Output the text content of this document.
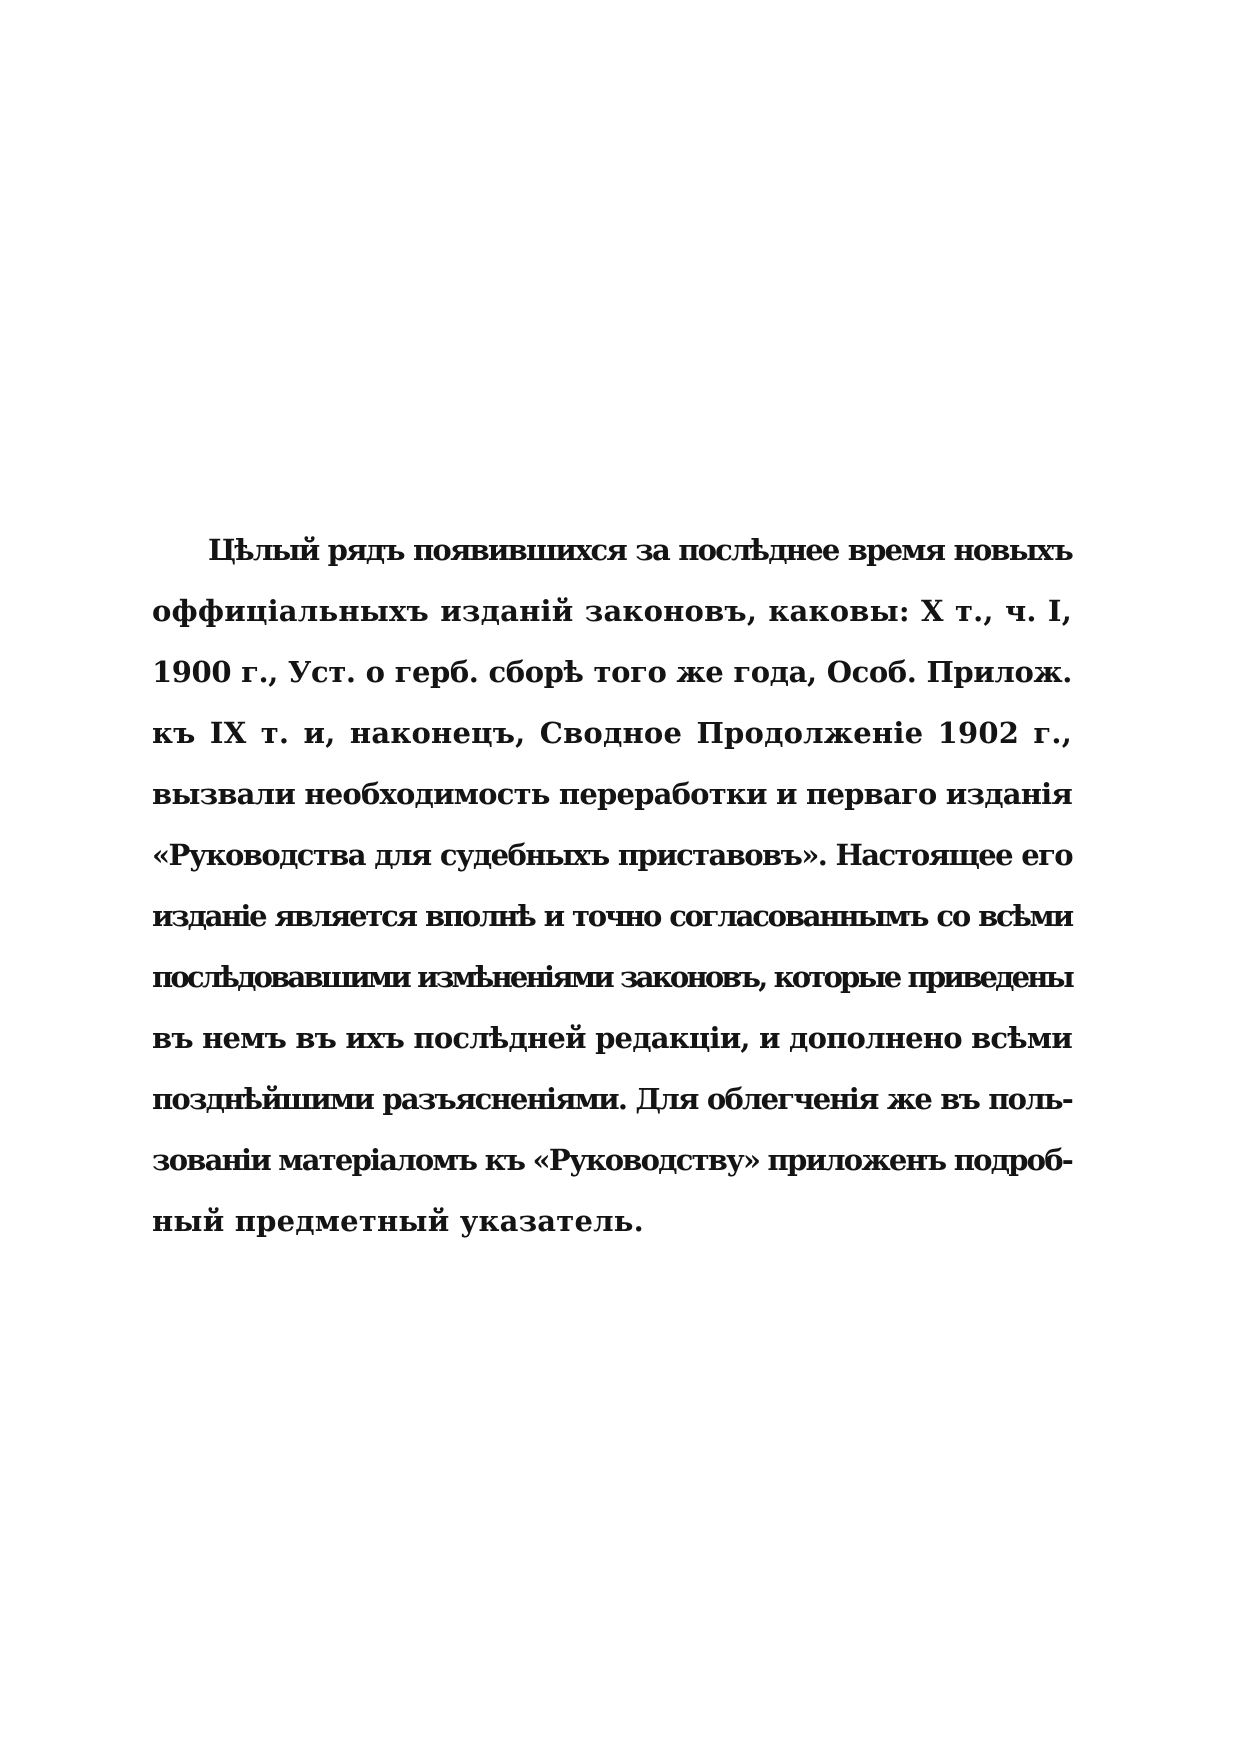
Цѣлый рядъ появившихся за послѣднее время новыхъ
оффиціальныхъ изданій законовъ, каковы: X т., ч. I,
1900 г., Уст. о герб. сборѣ того же года, Особ. Прилож.
къ IX т. и, наконецъ, Сводное Продолженіе 1902 г.,
вызвали необходимость переработки и перваго изданія
«Руководства для судебныхъ приставовъ». Настоящее его
изданіе является вполнѣ и точно согласованнымъ со всѣми
послѣдовавшими измѣненіями законовъ, которые приведены
въ немъ въ ихъ послѣдней редакціи, и дополнено всѣми
позднѣйшими разъясненіями. Для облегченія же въ поль-
зованіи матеріаломъ къ «Руководству» приложенъ подроб-
ный предметный указатель.
